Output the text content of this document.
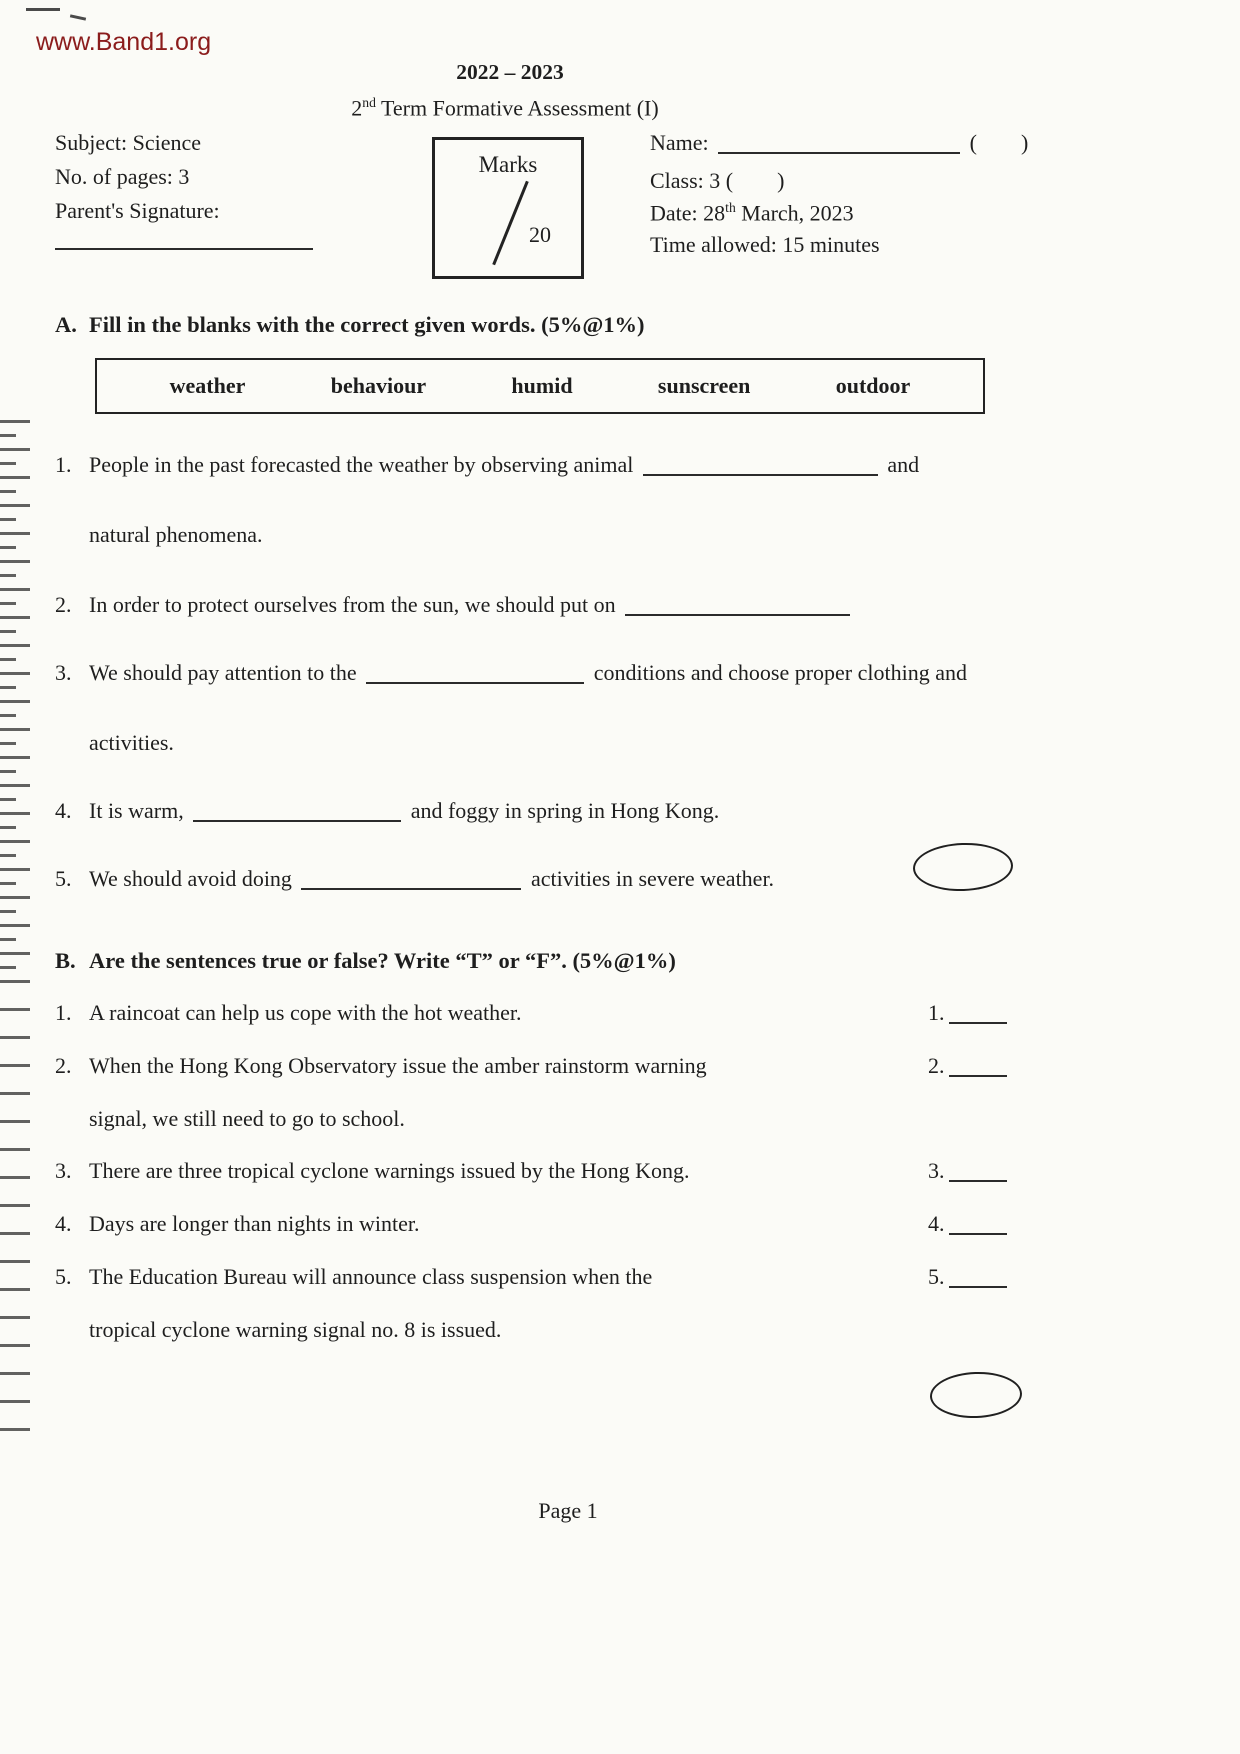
www.Band1.org
2022 – 2023
2nd Term Formative Assessment (I)
Subject: Science
No. of pages: 3
Parent's Signature:
Marks
20
Name:	(        )
Class: 3 (        )
Date: 28th March, 2023
Time allowed: 15 minutes
A. Fill in the blanks with the correct given words. (5%@1%)
weather	behaviour	humid	sunscreen	outdoor
1. People in the past forecasted the weather by observing animal	and
natural phenomena.
2. In order to protect ourselves from the sun, we should put on
3. We should pay attention to the	conditions and choose proper clothing and
activities.
4. It is warm,	and foggy in spring in Hong Kong.
5. We should avoid doing	activities in severe weather.
B. Are the sentences true or false? Write “T” or “F”. (5%@1%)
1. A raincoat can help us cope with the hot weather.	1.
2. When the Hong Kong Observatory issue the amber rainstorm warning
signal, we still need to go to school.
2.
3. There are three tropical cyclone warnings issued by the Hong Kong.	3.
4. Days are longer than nights in winter.	4.
5. The Education Bureau will announce class suspension when the
tropical cyclone warning signal no. 8 is issued.
5.
Page 1
